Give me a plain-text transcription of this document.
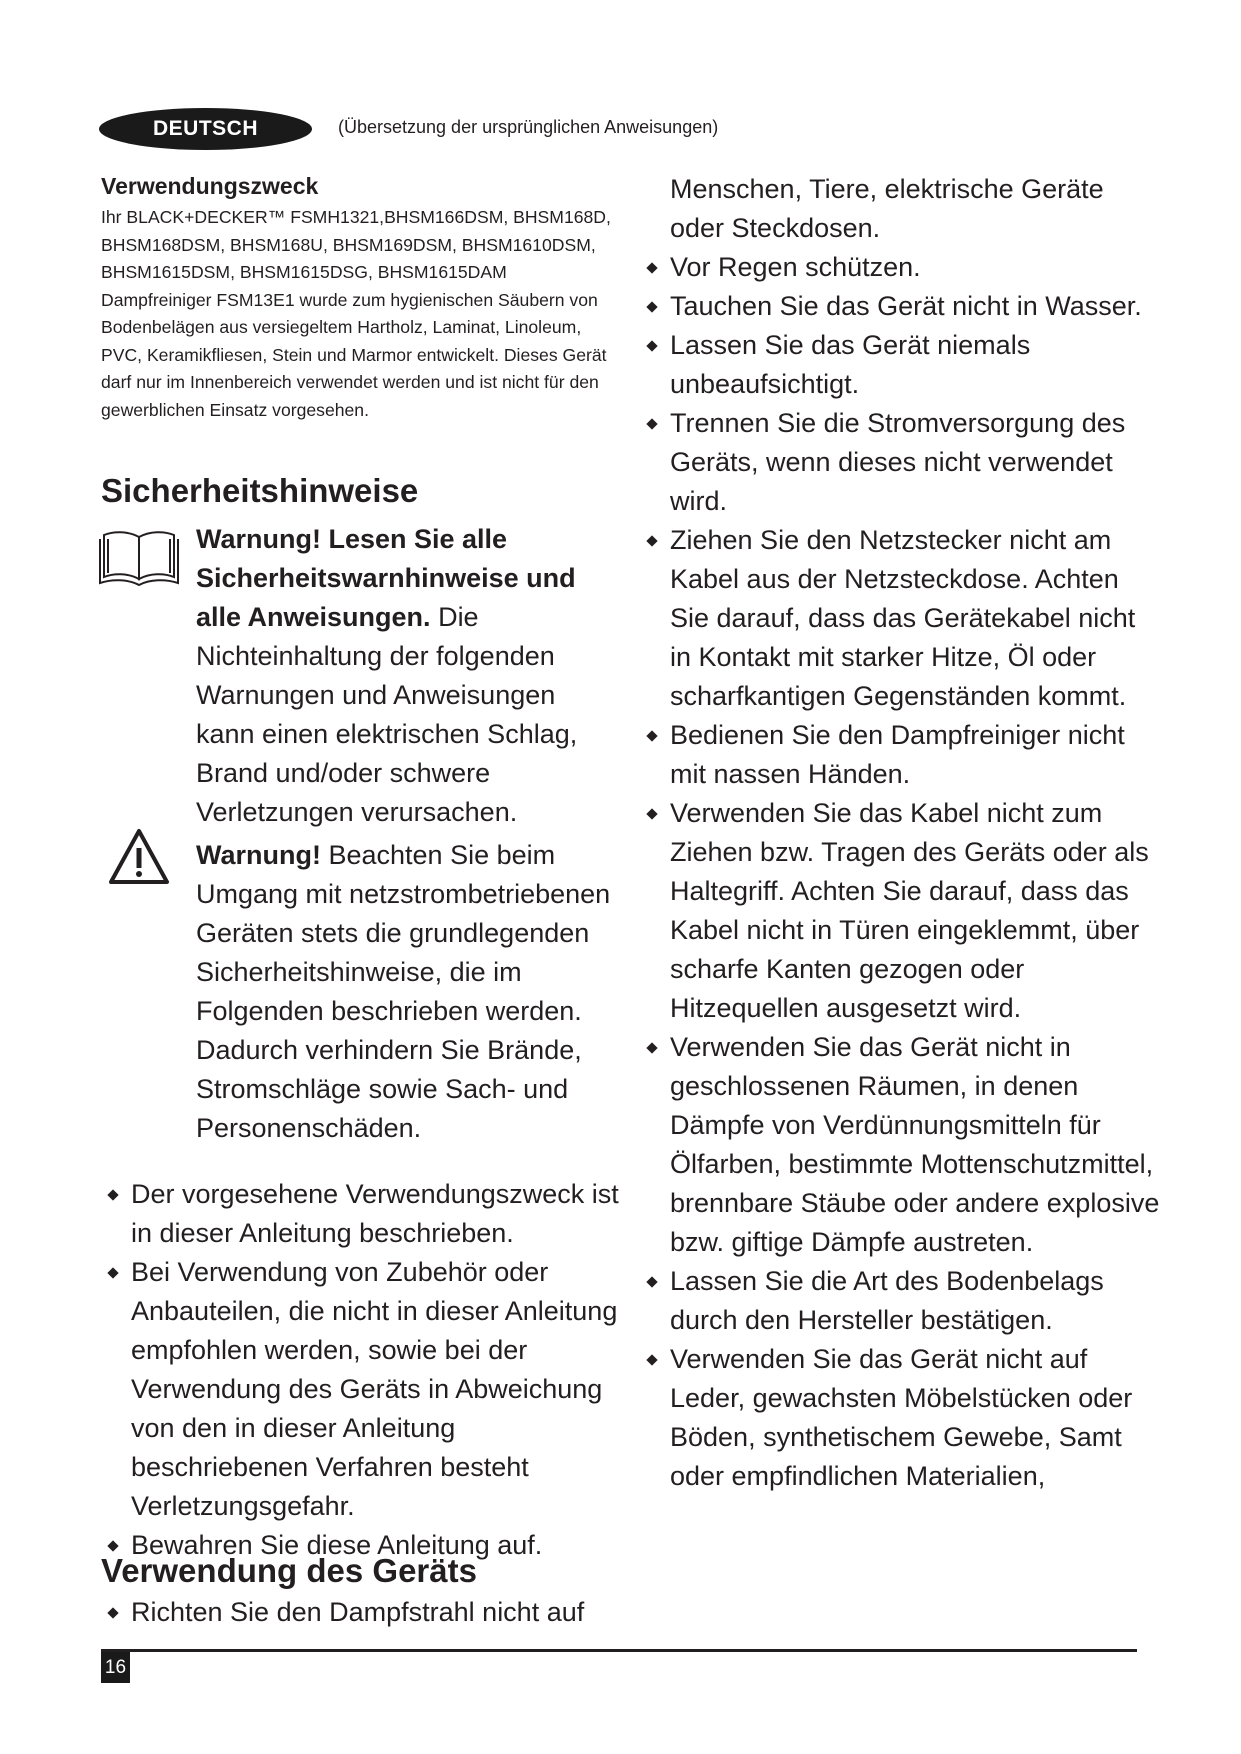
DEUTSCH	(Übersetzung der ursprünglichen Anweisungen)

Verwendungszweck

Ihr BLACK+DECKER™ FSMH1321,BHSM166DSM, BHSM168D, BHSM168DSM, BHSM168U, BHSM169DSM, BHSM1610DSM, BHSM1615DSM, BHSM1615DSG, BHSM1615DAM Dampfreiniger FSM13E1 wurde zum hygienischen Säubern von Bodenbelägen aus versiegeltem Hartholz, Laminat, Linoleum, PVC, Keramikfliesen, Stein und Marmor entwickelt. Dieses Gerät darf nur im Innenbereich verwendet werden und ist nicht für den gewerblichen Einsatz vorgesehen.

Sicherheitshinweise
Warnung! Lesen Sie alle Sicherheitswarnhinweise und alle Anweisungen. Die Nichteinhaltung der folgenden Warnungen und Anweisungen kann einen elektrischen Schlag, Brand und/oder schwere Verletzungen verursachen.
Warnung! Beachten Sie beim Umgang mit netzstrombetriebenen Geräten stets die grundlegenden Sicherheitshinweise, die im Folgenden beschrieben werden. Dadurch verhindern Sie Brände, Stromschläge sowie Sach- und Personenschäden.
Der vorgesehene Verwendungszweck ist in dieser Anleitung beschrieben.
Bei Verwendung von Zubehör oder Anbauteilen, die nicht in dieser Anleitung empfohlen werden, sowie bei der Verwendung des Geräts in Abweichung von den in dieser Anleitung beschriebenen Verfahren besteht Verletzungsgefahr.
Bewahren Sie diese Anleitung auf.
Verwendung des Geräts
Richten Sie den Dampfstrahl nicht auf
Menschen, Tiere, elektrische Geräte oder Steckdosen.
Vor Regen schützen.
Tauchen Sie das Gerät nicht in Wasser.
Lassen Sie das Gerät niemals unbeaufsichtigt.
Trennen Sie die Stromversorgung des Geräts, wenn dieses nicht verwendet wird.
Ziehen Sie den Netzstecker nicht am Kabel aus der Netzsteckdose. Achten Sie darauf, dass das Gerätekabel nicht in Kontakt mit starker Hitze, Öl oder scharfkantigen Gegenständen kommt.
Bedienen Sie den Dampfreiniger nicht mit nassen Händen.
Verwenden Sie das Kabel nicht zum Ziehen bzw. Tragen des Geräts oder als Haltegriff. Achten Sie darauf, dass das Kabel nicht in Türen eingeklemmt, über scharfe Kanten gezogen oder Hitzequellen ausgesetzt wird.
Verwenden Sie das Gerät nicht in geschlossenen Räumen, in denen Dämpfe von Verdünnungsmitteln für Ölfarben, bestimmte Mottenschutzmittel, brennbare Stäube oder andere explosive bzw. giftige Dämpfe austreten.
Lassen Sie die Art des Bodenbelags durch den Hersteller bestätigen.
Verwenden Sie das Gerät nicht auf Leder, gewachsten Möbelstücken oder Böden, synthetischem Gewebe, Samt oder empfindlichen Materialien,
16
